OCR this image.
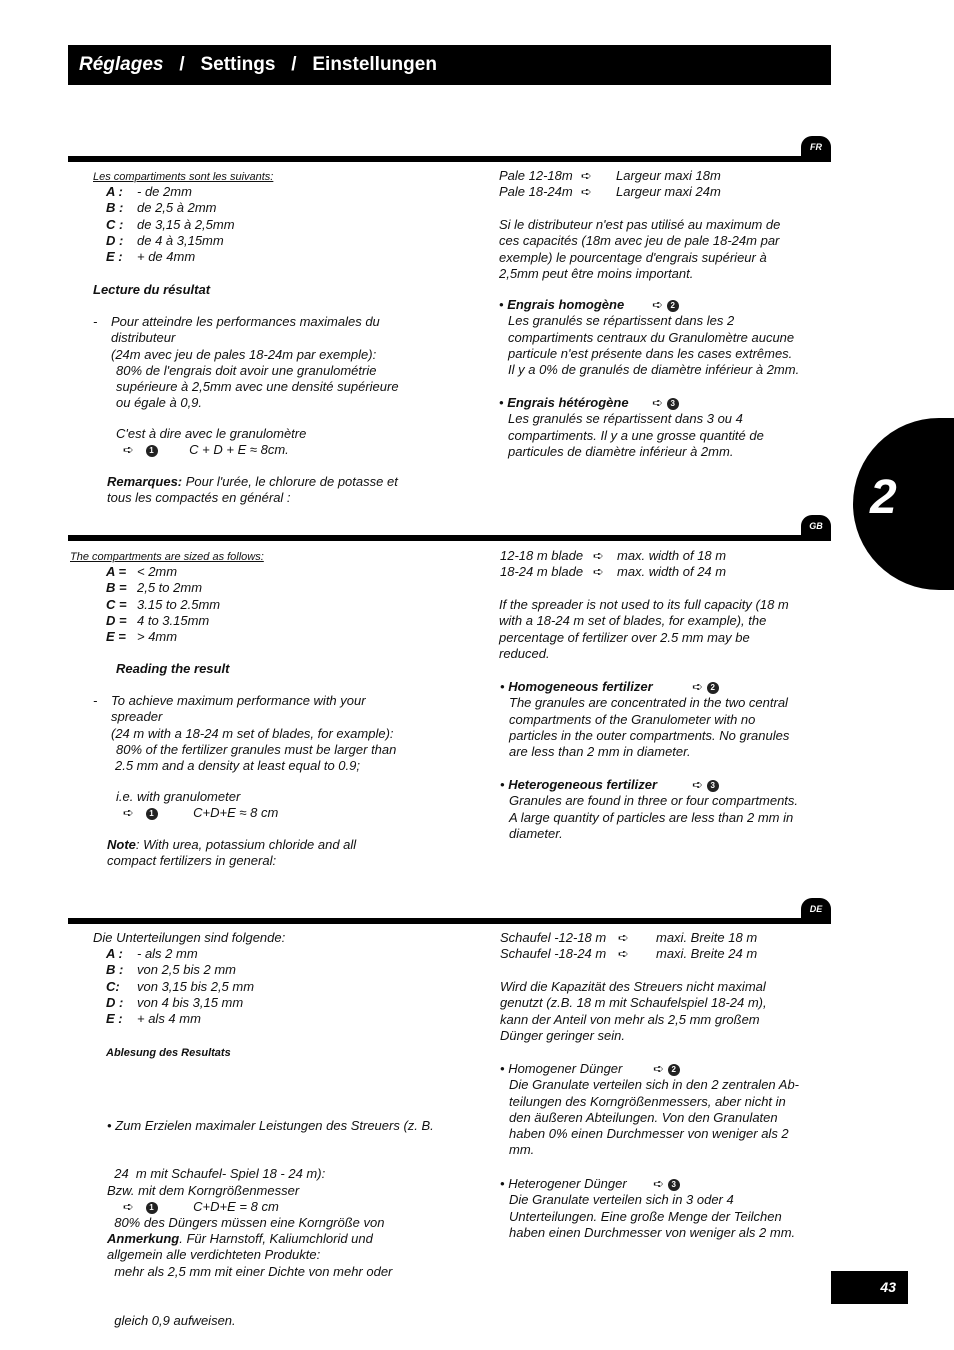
Réglages / Settings / Einstellungen
2
FR
Les compartiments sont les suivants:
A : - de 2mm
B : de 2,5 à 2mm
C : de 3,15 à 2,5mm
D : de 4 à 3,15mm
E : + de 4mm
Lecture du résultat
- Pour atteindre les performances maximales du
distributeur
(24m avec jeu de pales 18-24m par exemple):
80% de l'engrais doit avoir une granulométrie
supérieure à 2,5mm avec une densité supérieure
ou égale à 0,9.
C'est à dire avec le granulomètre
➪ 1	C + D + E ≈ 8cm.
Remarques: Pour l'urée, le chlorure de potasse et
tous les compactés en général :
Pale 12-18m ➪ Largeur maxi 18m
Pale 18-24m ➪ Largeur maxi 24m
Si le distributeur n'est pas utilisé au maximum de
ces capacités (18m avec jeu de pale 18-24m par
exemple) le pourcentage d'engrais supérieur à
2,5mm peut être moins important.
• Engrais homogène ➪ 2
Les granulés se répartissent dans les 2
compartiments centraux du Granulomètre aucune
particule n'est présente dans les cases extrêmes.
Il y a 0% de granulés de diamètre inférieur à 2mm.
• Engrais hétérogène ➪ 3
Les granulés se répartissent dans 3 ou 4
compartiments. Il y a une grosse quantité de
particules de diamètre inférieur à 2mm.
GB
The compartments are sized as follows:
A = < 2mm
B = 2,5 to 2mm
C = 3.15 to 2.5mm
D = 4 to 3.15mm
E = > 4mm
Reading the result
- To achieve maximum performance with your
spreader
(24 m with a 18-24 m set of blades, for example):
80% of the fertilizer granules must be larger than
2.5 mm and a density at least equal to 0.9;
i.e. with granulometer
➪ 1	C+D+E ≈ 8 cm
Note: With urea, potassium chloride and all
compact fertilizers in general:
12-18 m blade ➪ max. width of 18 m
18-24 m blade ➪ max. width of 24 m
If the spreader is not used to its full capacity (18 m
with a 18-24 m set of blades, for example), the
percentage of fertilizer over 2.5 mm may be
reduced.
• Homogeneous fertilizer	➪ 2
The granules are concentrated in the two central
compartments of the Granulometer with no
particles in the outer compartments. No granules
are less than 2 mm in diameter.
• Heterogeneous fertilizer	➪ 3
Granules are found in three or four compartments.
A large quantity of particles are less than 2 mm in
diameter.
DE
Die Unterteilungen sind folgende:
A : - als 2 mm
B : von 2,5 bis 2 mm
C: von 3,15 bis 2,5 mm
D : von 4 bis 3,15 mm
E : + als 4 mm
Ablesung des Resultats

• Zum Erzielen maximaler Leistungen des Streuers (z. B.

24  m mit Schaufel- Spiel 18 - 24 m):

80% des Düngers müssen eine Korngröße von

mehr als 2,5 mm mit einer Dichte von mehr oder

gleich 0,9 aufweisen.

Bzw. mit dem Korngrößenmesser
➪ 1	C+D+E = 8 cm
Anmerkung. Für Harnstoff, Kaliumchlorid und
allgemein alle verdichteten Produkte:
Schaufel -12-18 m ➪ maxi. Breite 18 m
Schaufel -18-24 m ➪ maxi. Breite 24 m
Wird die Kapazität des Streuers nicht maximal
genutzt (z.B. 18 m mit Schaufelspiel 18-24 m),
kann der Anteil von mehr als 2,5 mm großem
Dünger geringer sein.
• Homogener Dünger ➪ 2
Die Granulate verteilen sich in den 2 zentralen Ab-
teilungen des Korngrößenmessers, aber nicht in
den äußeren Abteilungen. Von den Granulaten
haben 0% einen Durchmesser von weniger als 2
mm.
• Heterogener Dünger ➪ 3
Die Granulate verteilen sich in 3 oder 4
Unterteilungen. Eine große Menge der Teilchen
haben einen Durchmesser von weniger als 2 mm.
43
